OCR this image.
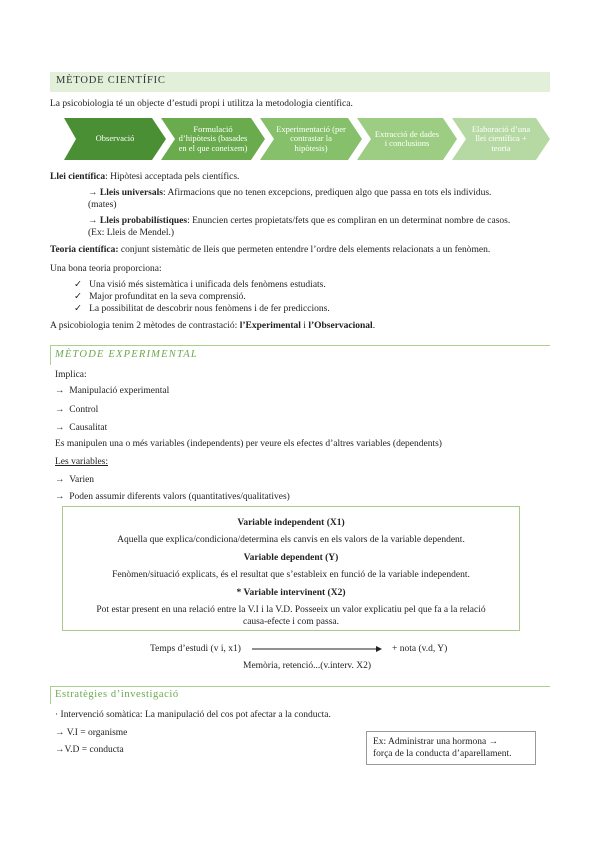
MÈTODE CIENTÍFIC
La psicobiologia té un objecte d’estudi propi i utilitza la metodologia científica.
Observació
Formulació d’hipòtesis (basades en el que coneixem)
Experimentació (per contrastar la hipòtesis)
Extracció de dades i conclusions
Elaboració d’una llei científica + teoria
Llei científica: Hipòtesi acceptada pels científics.
→ Lleis universals: Afirmacions que no tenen excepcions, prediquen algo que passa en tots els individus.
(mates)
→ Lleis probabilístiques: Enuncien certes propietats/fets que es compliran en un determinat nombre de casos.
(Ex: Lleis de Mendel.)
Teoria científica: conjunt sistemàtic de lleis que permeten entendre l’ordre dels elements relacionats a un fenòmen.
Una bona teoria proporciona:
✓   Una visió més sistemàtica i unificada dels fenòmens estudiats.
✓   Major profunditat en la seva comprensió.
✓   La possibilitat de descobrir nous fenòmens i de fer prediccions.
A psicobiologia tenim 2 mètodes de contrastació: l’Experimental i l’Observacional.
MÈTODE EXPERIMENTAL
Implica:
→  Manipulació experimental
→  Control
→  Causalitat
Es manipulen una o més variables (independents) per veure els efectes d’altres variables (dependents)
Les variables:
→  Varien
→  Poden assumir diferents valors (quantitatives/qualitatives)
Variable independent (X1)
Aquella que explica/condiciona/determina els canvis en els valors de la variable dependent.
Variable dependent (Y)
Fenòmen/situació explicats, és el resultat que s’estableix en funció de la variable independent.
* Variable intervinent (X2)
Pot estar present en una relació entre la V.I i la V.D. Posseeix un valor explicatiu pel que fa a la relació
causa-efecte i com passa.
Temps d’estudi (v i, x1)	+ nota (v.d, Y)
Memòria, retenció...(v.interv. X2)
Estratègies d’investigació
· Intervenció somàtica: La manipulació del cos pot afectar a la conducta.
→ V.I = organisme
→V.D = conducta
Ex: Administrar una hormona →
força de la conducta d’aparellament.
